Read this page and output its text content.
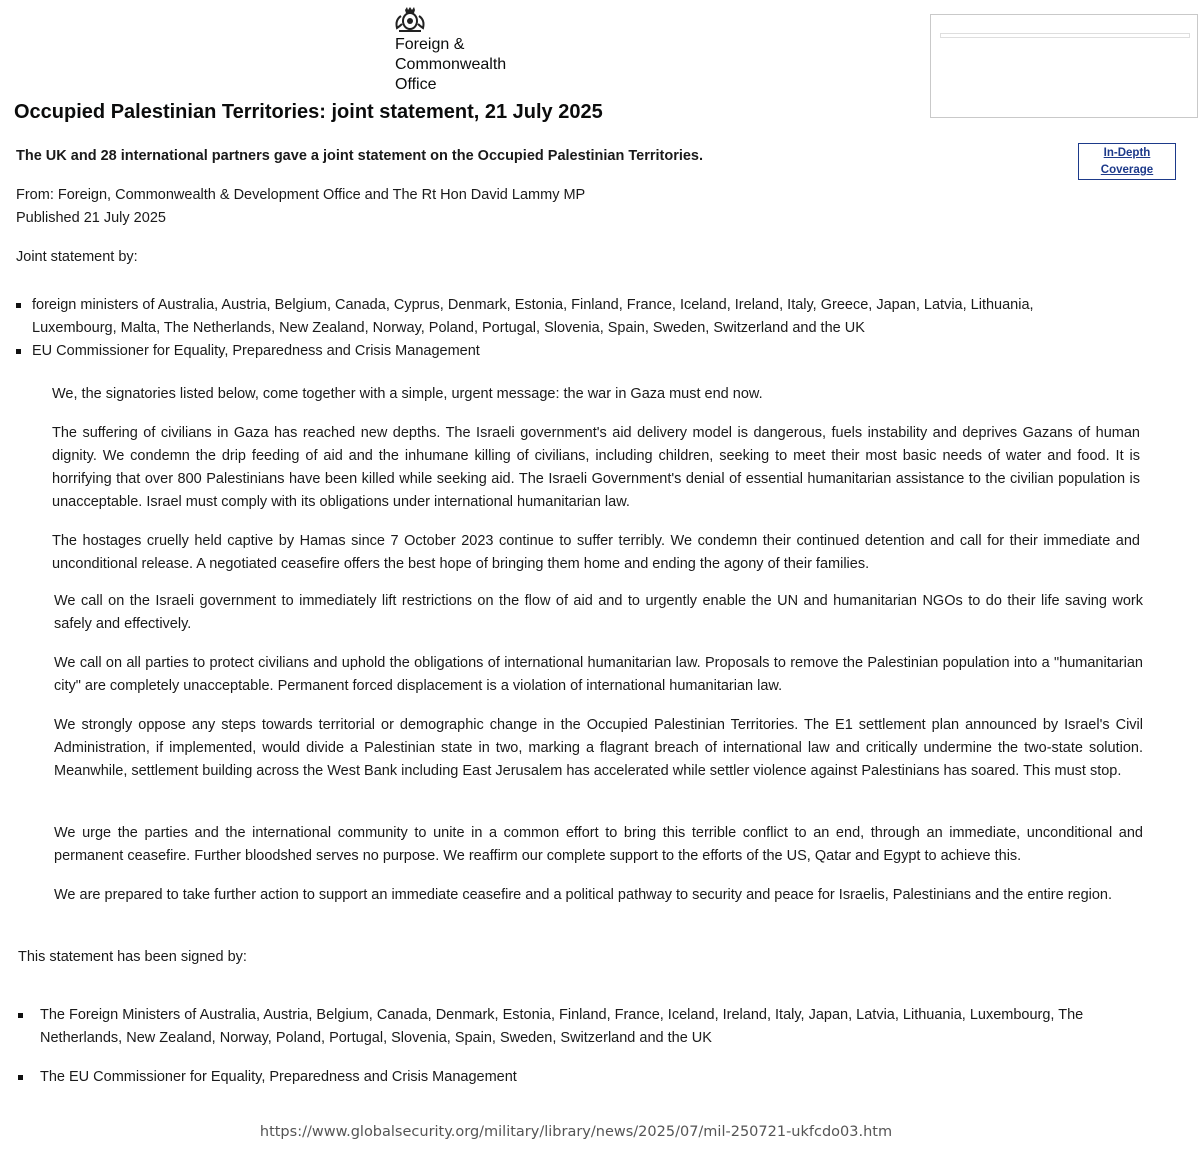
Foreign &
Commonwealth
Office
Occupied Palestinian Territories: joint statement, 21 July 2025

The UK and 28 international partners gave a joint statement on the Occupied Palestinian Territories.	In-Depth
Coverage

From: Foreign, Commonwealth & Development Office and The Rt Hon David Lammy MP

Published 21 July 2025

Joint statement by:

foreign ministers of Australia, Austria, Belgium, Canada, Cyprus, Denmark, Estonia, Finland, France, Iceland, Ireland, Italy, Greece, Japan, Latvia, Lithuania, Luxembourg, Malta, The Netherlands, New Zealand, Norway, Poland, Portugal, Slovenia, Spain, Sweden, Switzerland and the UK
EU Commissioner for Equality, Preparedness and Crisis Management

We, the signatories listed below, come together with a simple, urgent message: the war in Gaza must end now.

The suffering of civilians in Gaza has reached new depths. The Israeli government's aid delivery model is dangerous, fuels instability and deprives Gazans of human dignity. We condemn the drip feeding of aid and the inhumane killing of civilians, including children, seeking to meet their most basic needs of water and food. It is horrifying that over 800 Palestinians have been killed while seeking aid. The Israeli Government's denial of essential humanitarian assistance to the civilian population is unacceptable. Israel must comply with its obligations under international humanitarian law.

The hostages cruelly held captive by Hamas since 7 October 2023 continue to suffer terribly. We condemn their continued detention and call for their immediate and unconditional release. A negotiated ceasefire offers the best hope of bringing them home and ending the agony of their families.

We call on the Israeli government to immediately lift restrictions on the flow of aid and to urgently enable the UN and humanitarian NGOs to do their life saving work safely and effectively.

We call on all parties to protect civilians and uphold the obligations of international humanitarian law. Proposals to remove the Palestinian population into a "humanitarian city" are completely unacceptable. Permanent forced displacement is a violation of international humanitarian law.

We strongly oppose any steps towards territorial or demographic change in the Occupied Palestinian Territories. The E1 settlement plan announced by Israel's Civil Administration, if implemented, would divide a Palestinian state in two, marking a flagrant breach of international law and critically undermine the two-state solution. Meanwhile, settlement building across the West Bank including East Jerusalem has accelerated while settler violence against Palestinians has soared. This must stop.

We urge the parties and the international community to unite in a common effort to bring this terrible conflict to an end, through an immediate, unconditional and permanent ceasefire. Further bloodshed serves no purpose. We reaffirm our complete support to the efforts of the US, Qatar and Egypt to achieve this.

We are prepared to take further action to support an immediate ceasefire and a political pathway to security and peace for Israelis, Palestinians and the entire region.

This statement has been signed by:

The Foreign Ministers of Australia, Austria, Belgium, Canada, Denmark, Estonia, Finland, France, Iceland, Ireland, Italy, Japan, Latvia, Lithuania, Luxembourg, The Netherlands, New Zealand, Norway, Poland, Portugal, Slovenia, Spain, Sweden, Switzerland and the UK
The EU Commissioner for Equality, Preparedness and Crisis Management
https://www.globalsecurity.org/military/library/news/2025/07/mil-250721-ukfcdo03.htm
